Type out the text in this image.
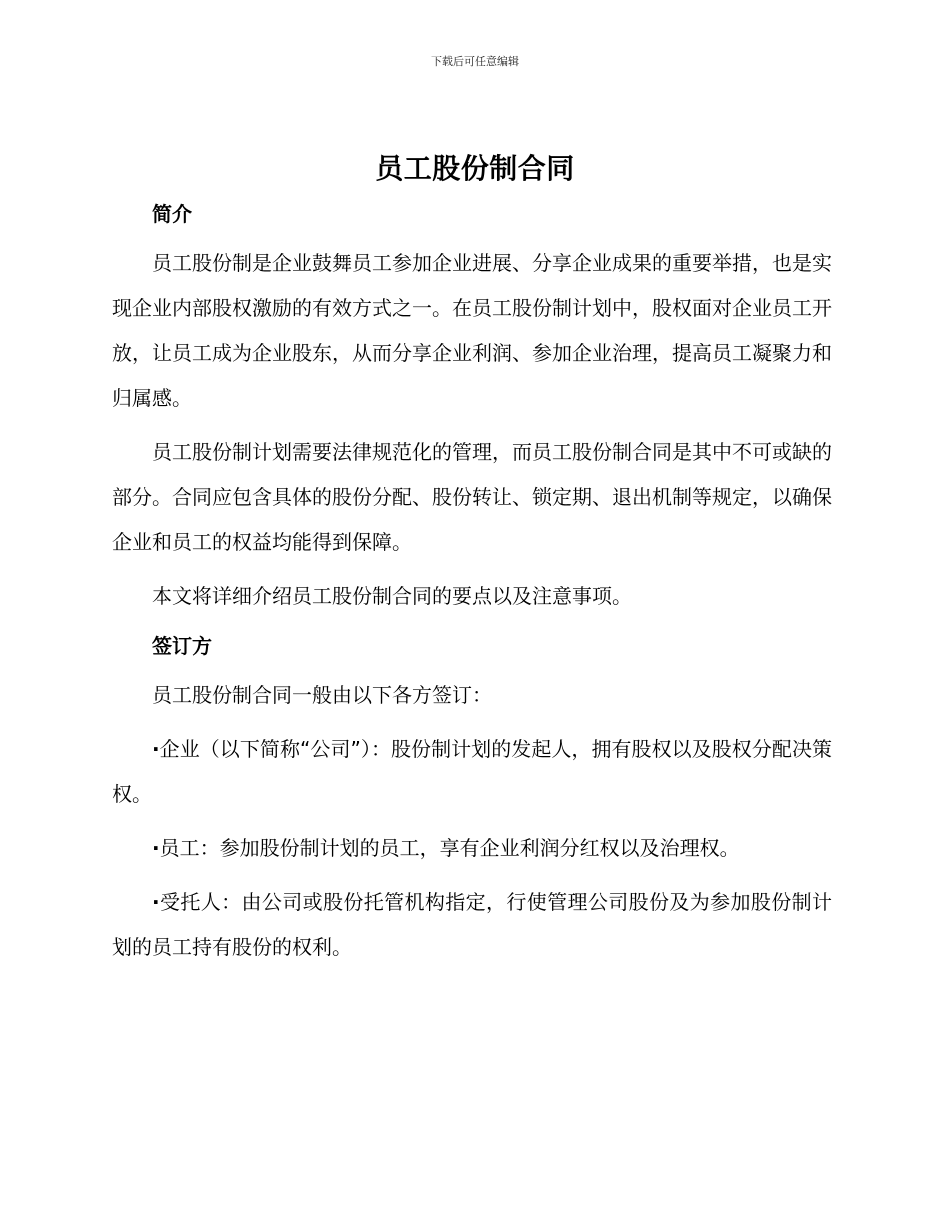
下载后可任意编辑
员工股份制合同
简介

员工股份制是企业鼓舞员工参加企业进展、分享企业成果的重要举措，也是实现企业内部股权激励的有效方式之一。在员工股份制计划中，股权面对企业员工开放，让员工成为企业股东，从而分享企业利润、参加企业治理，提高员工凝聚力和归属感。

员工股份制计划需要法律规范化的管理，而员工股份制合同是其中不可或缺的部分。合同应包含具体的股份分配、股份转让、锁定期、退出机制等规定，以确保企业和员工的权益均能得到保障。

本文将详细介绍员工股份制合同的要点以及注意事项。

签订方

员工股份制合同一般由以下各方签订：

·企业（以下简称“公司”）：股份制计划的发起人，拥有股权以及股权分配决策权。

·员工：参加股份制计划的员工，享有企业利润分红权以及治理权。

·受托人：由公司或股份托管机构指定，行使管理公司股份及为参加股份制计划的员工持有股份的权利。
